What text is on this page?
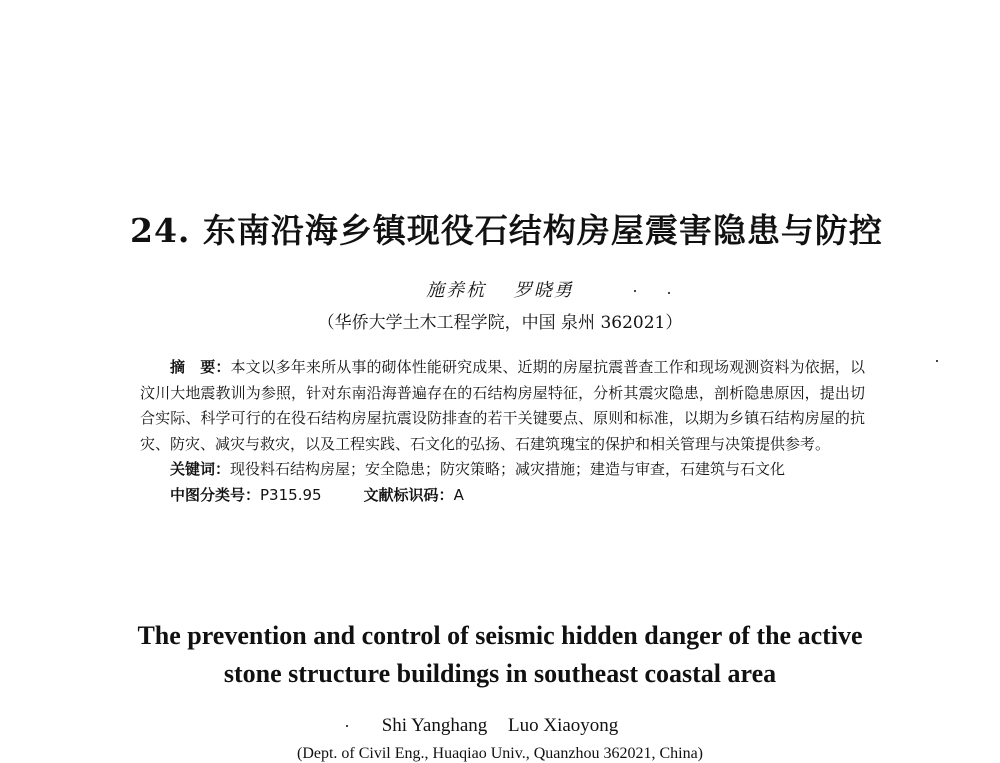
24. 东南沿海乡镇现役石结构房屋震害隐患与防控
施养杭 罗晓勇
（华侨大学土木工程学院，中国 泉州 362021）

摘　要：本文以多年来所从事的砌体性能研究成果、近期的房屋抗震普查工作和现场观测资料为依据，以汶川大地震教训为参照，针对东南沿海普遍存在的石结构房屋特征，分析其震灾隐患，剖析隐患原因，提出切合实际、科学可行的在役石结构房屋抗震设防排查的若干关键要点、原则和标准，以期为乡镇石结构房屋的抗灾、防灾、减灾与救灾，以及工程实践、石文化的弘扬、石建筑瑰宝的保护和相关管理与决策提供参考。

关键词：现役料石结构房屋；安全隐患；防灾策略；减灾措施；建造与审查，石建筑与石文化

中图分类号：P315.95	文献标识码：A

The prevention and control of seismic hidden danger of the active
stone structure buildings in southeast coastal area
Shi Yanghang Luo Xiaoyong
(Dept. of Civil Eng., Huaqiao Univ., Quanzhou 362021, China)
